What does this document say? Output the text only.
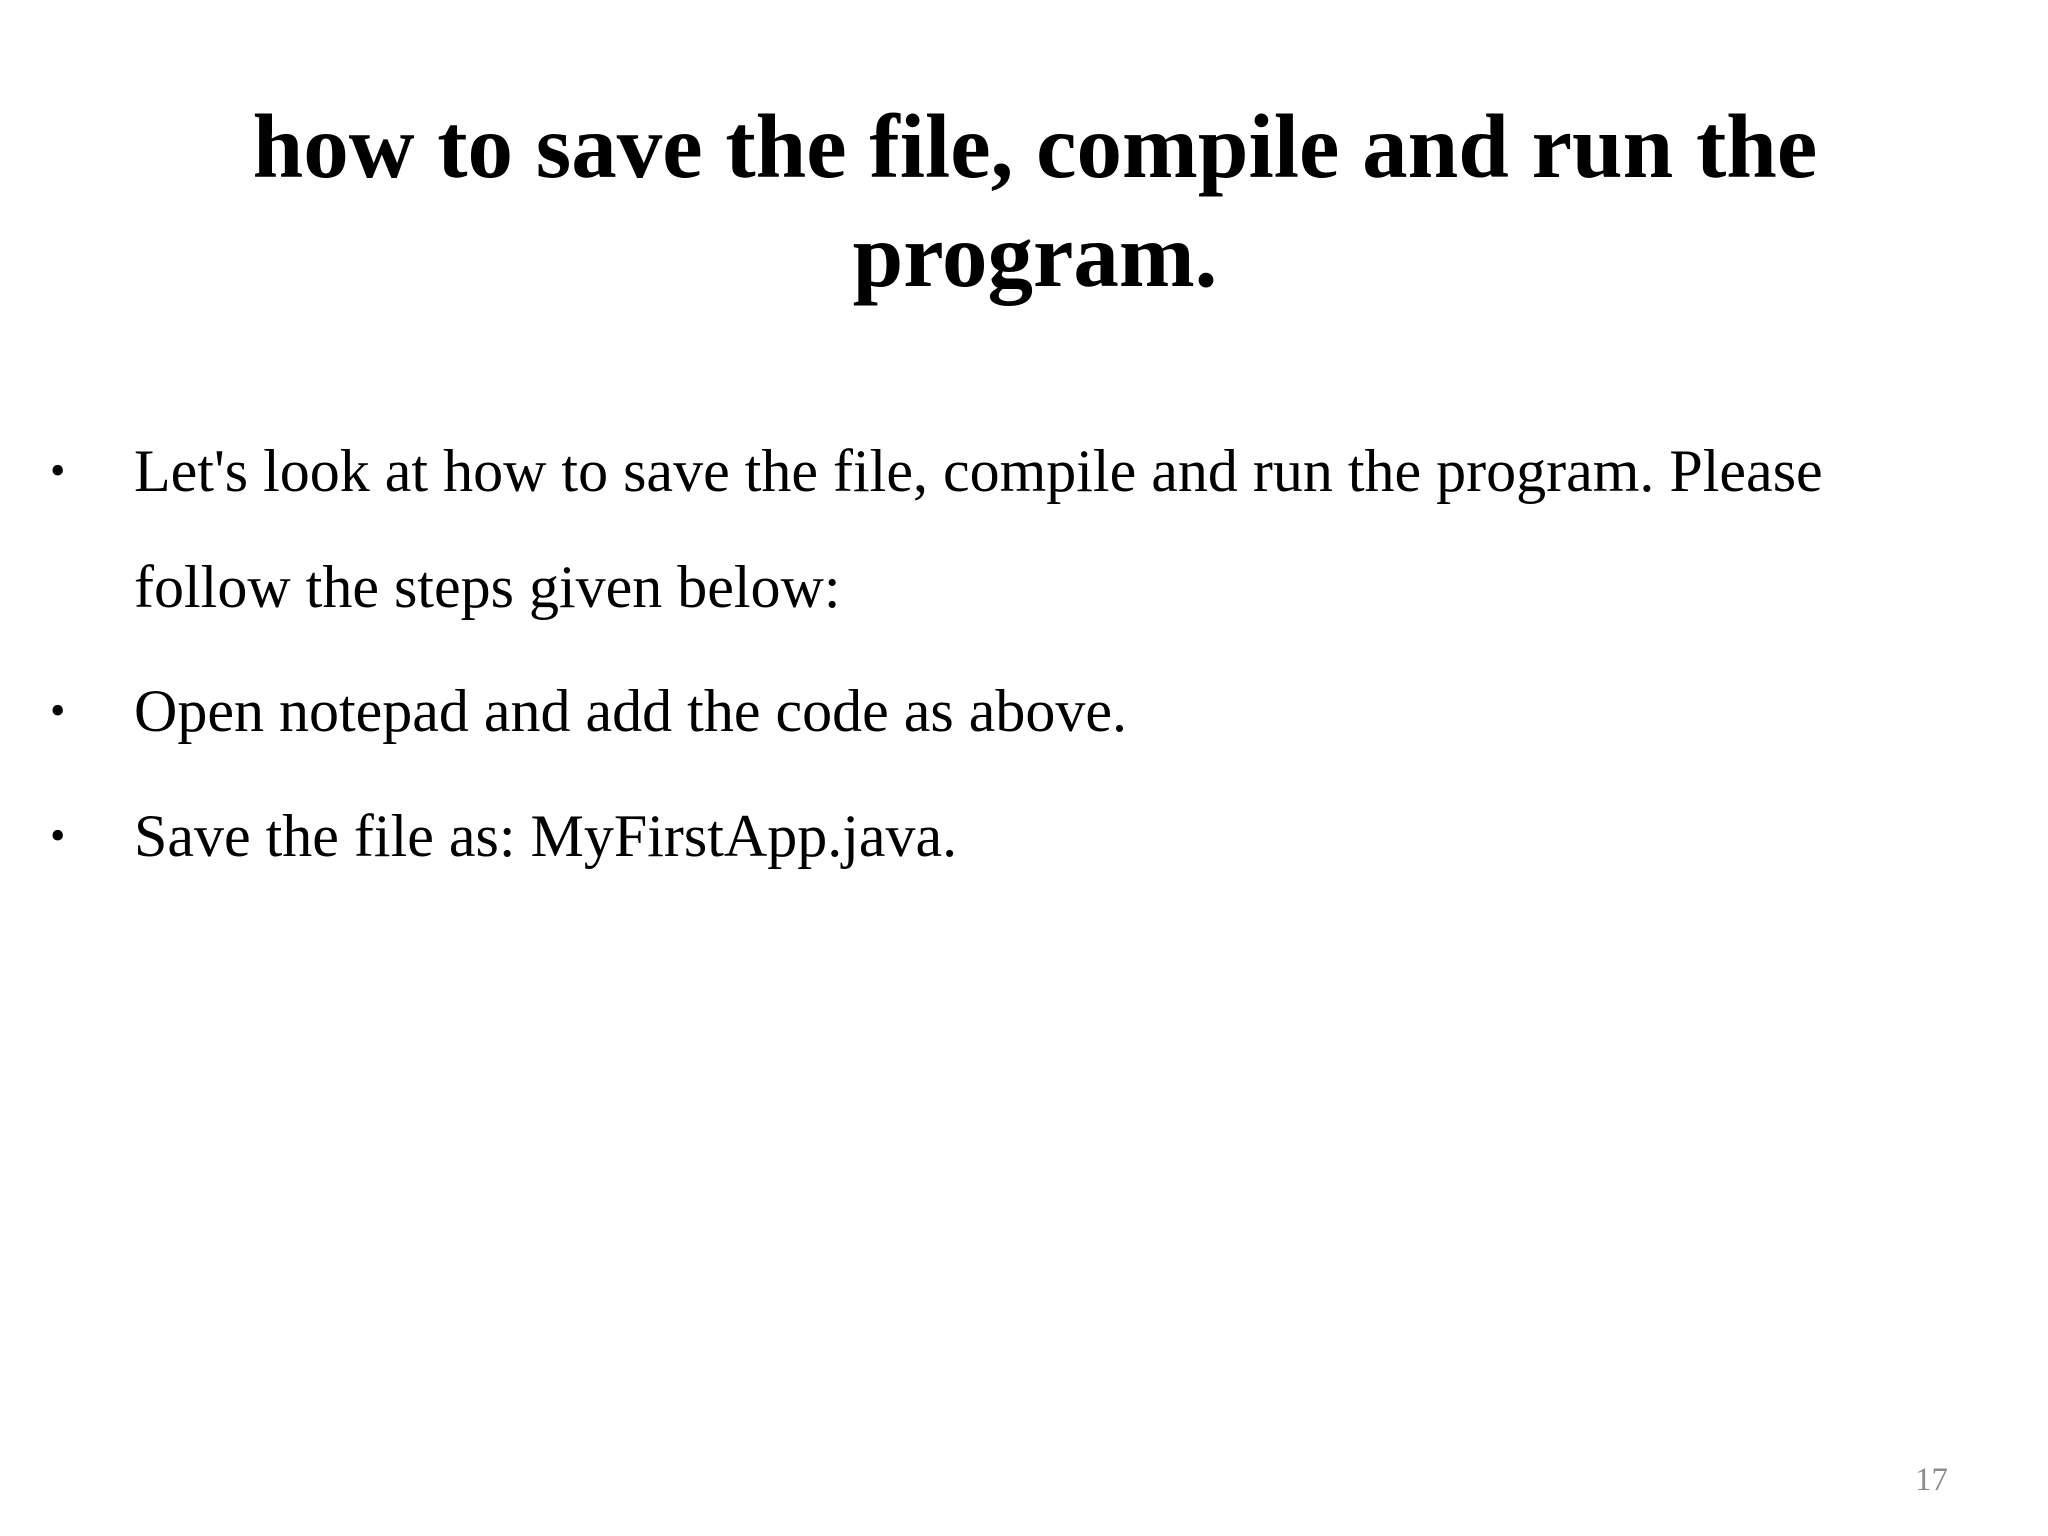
how to save the file, compile and run the program.
•	Let's look at how to save the file, compile and run the program. Please follow the steps given below:
•	Open notepad and add the code as above.
•	Save the file as: MyFirstApp.java.
17
